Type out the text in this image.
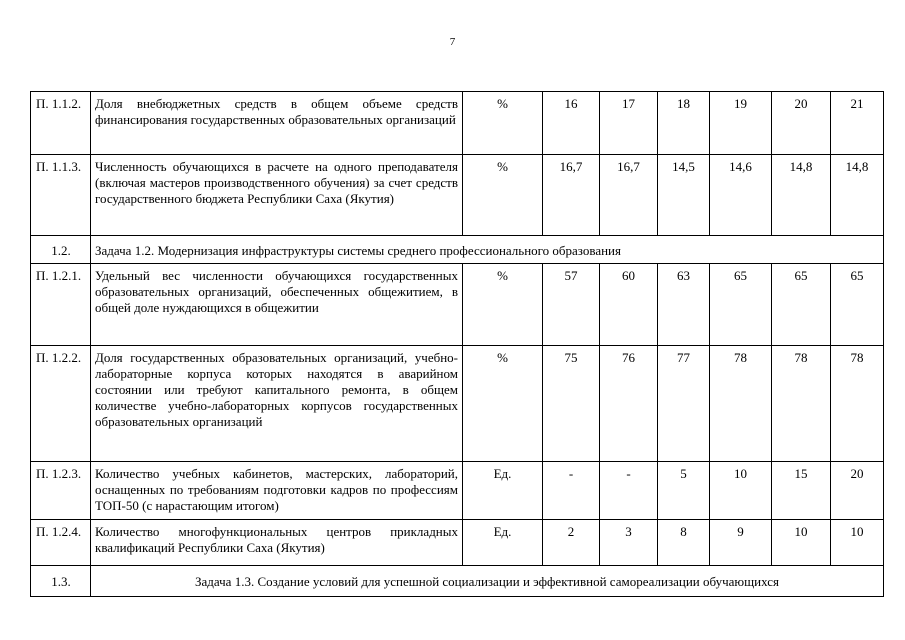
7
П. 1.1.2.	Доля внебюджетных средств в общем объеме средств финансирования государственных образовательных организаций	%	16	17	18	19	20	21
П. 1.1.3.	Численность обучающихся в расчете на одного преподавателя (включая мастеров производственного обучения) за счет средств государственного бюджета Республики Саха (Якутия)	%	16,7	16,7	14,5	14,6	14,8	14,8
1.2.	Задача 1.2. Модернизация инфраструктуры системы среднего профессионального образования							
П. 1.2.1.	Удельный вес численности обучающихся государственных образовательных организаций, обеспеченных общежитием, в общей доле нуждающихся в общежитии	%	57	60	63	65	65	65
П. 1.2.2.	Доля государственных образовательных организаций, учебно-лабораторные корпуса которых находятся в аварийном состоянии или требуют капитального ремонта, в общем количестве учебно-лабораторных корпусов государственных образовательных организаций	%	75	76	77	78	78	78
П. 1.2.3.	Количество учебных кабинетов, мастерских, лабораторий, оснащенных по требованиям подготовки кадров по профессиям ТОП-50 (с нарастающим итогом)	Ед.	-	-	5	10	15	20
П. 1.2.4.	Количество многофункциональных центров прикладных квалификаций Республики Саха (Якутия)	Ед.	2	3	8	9	10	10
1.3.	Задача 1.3. Создание условий для успешной социализации и эффективной самореализации обучающихся							
